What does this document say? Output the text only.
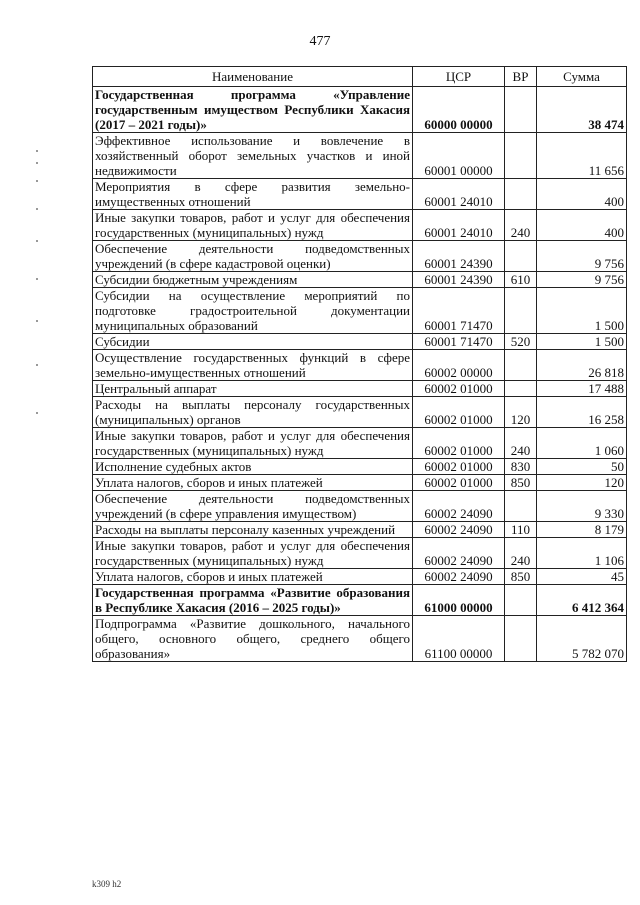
477
Наименование	ЦСР	ВР	Сумма
Государственная программа «Управление государственным имуществом Республики Хакасия (2017 – 2021 годы)»	60000 00000		38 474
Эффективное использование и вовлечение в хозяйственный оборот земельных участков и иной недвижимости	60001 00000		11 656
Мероприятия в сфере развития земельно-имущественных отношений	60001 24010		400
Иные закупки товаров, работ и услуг для обеспечения государственных (муниципальных) нужд	60001 24010	240	400
Обеспечение деятельности подведомственных учреждений (в сфере кадастровой оценки)	60001 24390		9 756
Субсидии бюджетным учреждениям	60001 24390	610	9 756
Субсидии на осуществление мероприятий по подготовке градостроительной документации муниципальных образований	60001 71470		1 500
Субсидии	60001 71470	520	1 500
Осуществление государственных функций в сфере земельно-имущественных отношений	60002 00000		26 818
Центральный аппарат	60002 01000		17 488
Расходы на выплаты персоналу государственных (муниципальных) органов	60002 01000	120	16 258
Иные закупки товаров, работ и услуг для обеспечения государственных (муниципальных) нужд	60002 01000	240	1 060
Исполнение судебных актов	60002 01000	830	50
Уплата налогов, сборов и иных платежей	60002 01000	850	120
Обеспечение деятельности подведомственных учреждений (в сфере управления имуществом)	60002 24090		9 330
Расходы на выплаты персоналу казенных учреждений	60002 24090	110	8 179
Иные закупки товаров, работ и услуг для обеспечения государственных (муниципальных) нужд	60002 24090	240	1 106
Уплата налогов, сборов и иных платежей	60002 24090	850	45
Государственная программа «Развитие образования в Республике Хакасия (2016 – 2025 годы)»	61000 00000		6 412 364
Подпрограмма «Развитие дошкольного, начального общего, основного общего, среднего общего образования»	61100 00000		5 782 070
k309 h2
